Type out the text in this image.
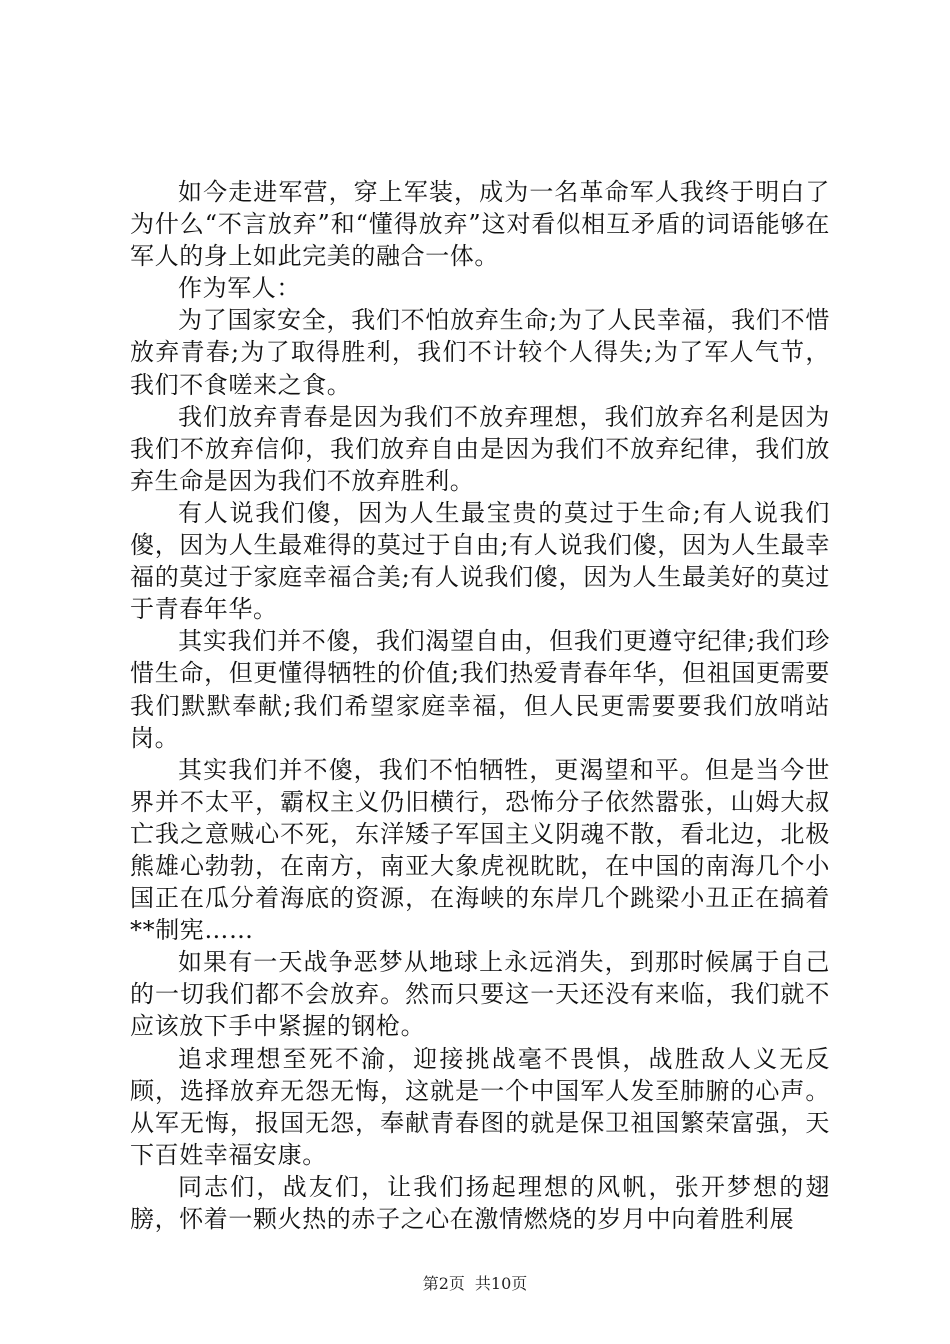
如今走进军营，穿上军装，成为一名革命军人我终于明白了为什么“不言放弃”和“懂得放弃”这对看似相互矛盾的词语能够在军人的身上如此完美的融合一体。

作为军人：

为了国家安全，我们不怕放弃生命;为了人民幸福，我们不惜放弃青春;为了取得胜利，我们不计较个人得失;为了军人气节，我们不食嗟来之食。

我们放弃青春是因为我们不放弃理想，我们放弃名利是因为我们不放弃信仰，我们放弃自由是因为我们不放弃纪律，我们放弃生命是因为我们不放弃胜利。

有人说我们傻，因为人生最宝贵的莫过于生命;有人说我们傻，因为人生最难得的莫过于自由;有人说我们傻，因为人生最幸福的莫过于家庭幸福合美;有人说我们傻，因为人生最美好的莫过于青春年华。

其实我们并不傻，我们渴望自由，但我们更遵守纪律;我们珍惜生命，但更懂得牺牲的价值;我们热爱青春年华，但祖国更需要我们默默奉献;我们希望家庭幸福，但人民更需要要我们放哨站岗。

其实我们并不傻，我们不怕牺牲，更渴望和平。但是当今世界并不太平，霸权主义仍旧横行，恐怖分子依然嚣张，山姆大叔亡我之意贼心不死，东洋矮子军国主义阴魂不散，看北边，北极熊雄心勃勃，在南方，南亚大象虎视眈眈，在中国的南海几个小国正在瓜分着海底的资源，在海峡的东岸几个跳梁小丑正在搞着**制宪……

如果有一天战争恶梦从地球上永远消失，到那时候属于自己的一切我们都不会放弃。然而只要这一天还没有来临，我们就不应该放下手中紧握的钢枪。

追求理想至死不渝，迎接挑战毫不畏惧，战胜敌人义无反顾，选择放弃无怨无悔，这就是一个中国军人发至肺腑的心声。从军无悔，报国无怨，奉献青春图的就是保卫祖国繁荣富强，天下百姓幸福安康。

同志们，战友们，让我们扬起理想的风帆，张开梦想的翅膀，怀着一颗火热的赤子之心在激情燃烧的岁月中向着胜利展

第2页 共10页
